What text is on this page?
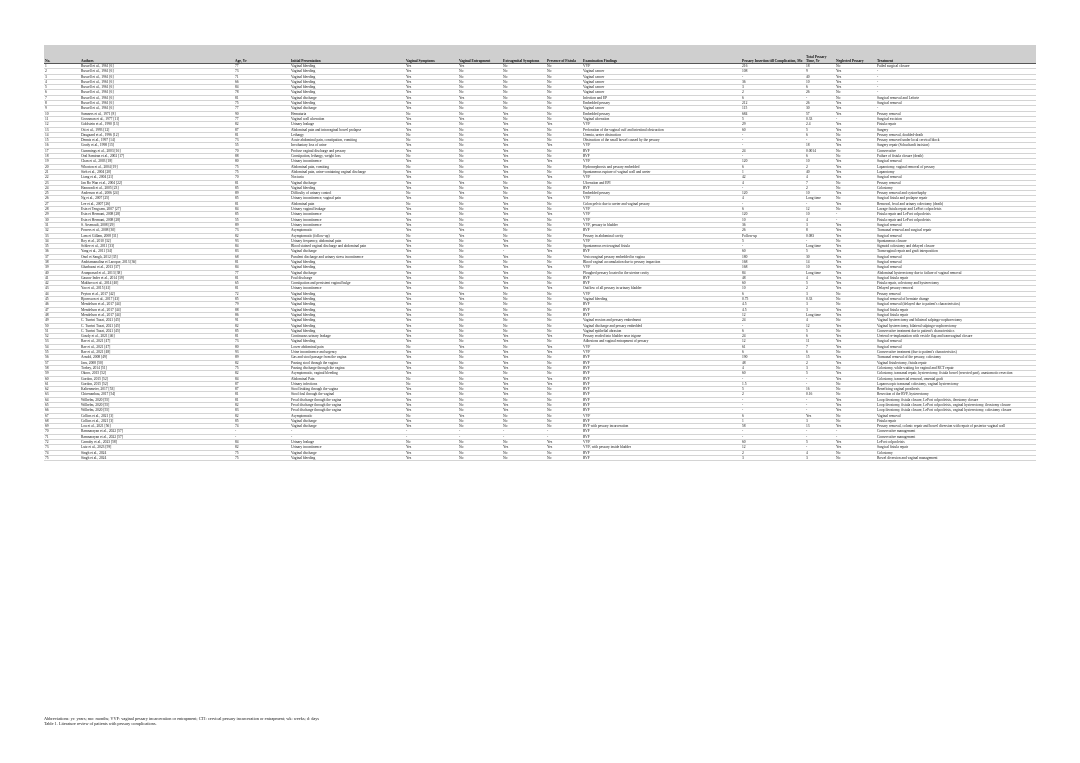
No.	Authors	Age, Yr	Initial Presentation	Vaginal Symptoms	Vaginal Entrapment	Extragenital Symptoms	Presence of Fistula	Examination Findings	Pessary Insertion till Complication, Mo	Total Pessary Time, Yr	Neglected Pessary	Treatment
1	Russell et al., 1961 [6]	77	Vaginal bleeding	Yes	Yes	No	No	VVF	216	18	No	Failed surgical closure
2	Russell et al., 1961 [6]	73	Vaginal bleeding	Yes	No	No	No	Vaginal cancer	108	9	Yes	-
3	Russell et al., 1961 [6]	71	Vaginal bleeding	Yes	No	No	No	Vaginal cancer	-	40	Yes	-
4	Russell et al., 1961 [6]	66	Vaginal bleeding	Yes	No	No	No	Vaginal cancer	36	10	Yes	-
5	Russell et al., 1961 [6]	84	Vaginal bleeding	Yes	No	No	No	Vaginal cancer	3	6	Yes	-
6	Russell et al., 1961 [6]	78	Vaginal bleeding	Yes	No	No	No	Vaginal cancer	2	26	No	-
7	Russell et al., 1961 [6]	81	Vaginal discharge	Yes	Yes	No	No	Infection and EP	6	-	No	Surgical removal and Leforte
8	Russell et al., 1961 [6]	75	Vaginal bleeding	Yes	No	No	No	Embedded pessary	212	26	Yes	Surgical removal
9	Russell et al., 1961 [6]	77	Vaginal discharge	Yes	No	No	No	Vaginal cancer	115	30	Yes	-
10	Sumners et al., 1971 [8]	90	Hematuria	No	No	Yes	No	Embedded pessary	684	57	Yes	Pessary removal
11	Grossman et al., 1977 [11]	77	Vaginal wall ulceration	Yes	Yes	No	No	Vaginal ulceration	5	0.33	-	Surgical excision
12	Goldstein et al., 1990 [13]	82	Urinary leakage	Yes	No	Yes	Yes	VVF	29	2.4	Yes	Fistula repair
13	Ott et al., 1993 [12]	87	Abdominal pain and intravaginal bowel prolapse	Yes	No	Yes	No	Perforation of the vaginal cuff and intestinal obstruction	60	5	Yes	Surgery
14	Daugaard et al., 1996 [12]	81	Lethargy	No	No	Yes	No	Uremia, ureter obstruction	-	6	No	Pessary removal, doubled-death
15	Dennis et al., 1997 [14]	73	Acute abdominal pain, constipation, vomiting	No	No	Yes	No	Obstruction of the small bowel caused by the pessary	-	-	Yes	Pessary removed under local cervical block
16	Grody et al., 1998 [15]	55	Involuntary loss of urine	Yes	No	Yes	Yes	VVF	-	18	Yes	Surgery repair (Schuchardt incision)
17	Cummings et al., 2003 [16]	70	Profuse vaginal discharge and pessary	Yes	No	Yes	No	RVF	24	0.0014	No	Conservative
18	Oral Samiran et al., 2002 [17]	88	Constipation, lethargy, weight loss	No	No	Yes	No	RVF	-	6	No	Failure of fistula closure (death)
19	Chan et al., 2003 [18]	80	Urinary incontinence	Yes	No	Yes	Yes	VVF	120	10	Yes	Surgical removal
20	Whorton et al., 2004 [19]	75	Abdominal pain, vomiting	No	No	Yes	No	Hydronephrosis and pessary embedded	6	2	Yes	Laparotomy, vaginal removal of pessary
21	Sieh et al., 2004 [20]	75	Abdominal pain, urine-containing vaginal discharge	Yes	No	Yes	No	Spontaneous rupture of vaginal wall and ureter	1	40	Yes	Laparotomy
22	Liang et al., 2004 [21]	70	Nocturia	Yes	No	Yes	Yes	VVF	42	4	Yes	Surgical removal
23	Jan Bo Wan et al., 2004 [22]	81	Vaginal discharge	Yes	Yes	No	No	Ulceration and EPI	4	7	No	Pessary removal
24	Hanavadi et al., 2005 [23]	85	Vaginal bleeding	Yes	No	Yes	No	RVF	-	2	No	Colostomy
25	Anderson et al., 2006 [24]	89	Difficulty of urinary control	No	Yes	No	No	Embedded pessary	120	10	Yes	Pessary removal and cystorrhaphy
26	Ng et al., 2007 [25]	85	Urinary incontinence, vaginal pain	Yes	No	Yes	Yes	VVF	4	Long time	No	Surgical fistula and prolapse repair
27	Lee et al., 2007 [26]	81	Abdominal pain	No	No	Yes	No	Colon pelvic due to ureter and vaginal pessary	-	-	Yes	Removal, fecal and urinary colectomy (death)
28	Esin et Tengcam, 2007 [27]	84	Urinary vaginal leakage	Yes	No	Yes	No	VVF	6	12	No	Lavage fistula repair and LeFort colpocleisis
29	Esin et Hermani, 2008 [28]	85	Urinary incontinence	Yes	No	Yes	Yes	VVF	120	10	-	Fistula repair and LeFort colpocleisis
30	Esin et Hermani, 2008 [28]	55	Urinary incontinence	Yes	No	Yes	No	VVF	10	4	-	Fistula repair and LeFort colpocleisis
31	S. Arsenault, 2008 [29]	89	Urinary incontinence	Yes	No	Yes	No	VVF, pessary in bladder	36	3	Yes	Surgical removal
32	Powers et al., 2008 [30]	73	Asymptomatic	Yes	Yes	No	No	RVF	26	8	Yes	Transanal removal and surgical repair
33	Lam et Gillam, 2008 [31]	82	Asymptomatic (follow-up)	No	Yes	No	No	Pessary in abdominal cavity	Follow-up	0.083	Yes	Surgical removal
34	Roy et al., 2010 [32]	93	Urinary frequency, abdominal pain	Yes	No	Yes	No	VVF	5	-	No	Spontaneous closure
35	Schlee et al., 2011 [33]	84	Blood stained vaginal discharge and abdominal pain	Yes	No	Yes	No	Spontaneous rectovaginal fistula	-	Long time	Yes	Sigmoid colostomy and delayed closure
36	Yang et al., 2011 [34]	83	Vaginal discharge	Yes	No	-	Yes	RVF	60	5	Yes	Transvaginal repair and graft interposition
37	Onol et Sanglı, 2012 [35]	68	Purulent discharge and urinary stress incontinence	Yes	No	Yes	No	Vesicovaginal pessary embedded in vagina	180	30	Yes	Surgical removal
38	Andriamanalina et Laroque, 2013 [36]	81	Vaginal bleeding	Yes	No	No	No	Blood vaginal accumulation due to pessary impaction	168	14	Yes	Surgical removal
39	Gharbaoui et al., 2013 [37]	84	Vaginal bleeding	Yes	No	Yes	Yes	VVF	168	10	Yes	Surgical removal
40	Arunprasad et al., 2013 [38]	77	Vaginal discharge	Yes	No	Yes	No	Ploughed pessary located in the uterine cavity	84	Long time	Yes	Abdominal hysterectomy due to failure of vaginal removal
41	Gaurav Inder et al., 2014 [39]	81	Foul discharge	Yes	No	Yes	No	RVF	48	4	Yes	Surgical fistula repair
42	Makhova et al., 2014 [40]	65	Constipation and persistent vaginal bulge	Yes	No	Yes	No	RVF	60	5	Yes	Fistula repair, colectomy and hysterectomy
43	Yao et al., 2015 [41]	81	Urinary incontinence	Yes	No	Yes	Yes	Outflow of all pessary in urinary bladder	10	2	Yes	Delayed pessary removal
44	Peyton et al., 2017 [42]	72	Vaginal bleeding	Yes	Yes	No	No	VVF	6	3	No	Pessary removal
45	Bjornsson et al., 2017 [43]	85	Vaginal bleeding	Yes	Yes	No	No	Vaginal bleeding	0.75	0.33	No	Surgical removal of herniate change
46	Mendelson et al., 2017 [44]	79	Vaginal bleeding	Yes	No	No	No	RVF	4.5	3	No	Surgical removal (delayed due to patient's characteristics)
47	Mendelson et al., 2017 [44]	88	Vaginal bleeding	Yes	No	No	No	RVF	4.5	3	Yes	Surgical fistula repair
48	Mendelson et al., 2017 [44]	86	Vaginal bleeding	Yes	No	Yes	No	RVF	12	Long time	Yes	Surgical fistula repair
49	C. Turrini Tuzzi, 2021 [45]	91	Vaginal bleeding	Yes	No	No	No	Vaginal erosion and pessary embedment	24	4	No	Vaginal hysterectomy and bilateral salpingo-oophorectomy
50	C. Turrini Tuzzi, 2021 [45]	82	Vaginal bleeding	Yes	No	No	No	Vaginal discharge and pessary embedded	-	12	Yes	Vaginal hysterectomy, bilateral salpingo-oophorectomy
51	C. Turrini Tuzzi, 2021 [45]	85	Vaginal bleeding	Yes	No	No	No	Vaginal epithelial abrasion	6	5	No	Conservative treatment due to patient's characteristics
52	Goudy et al., 2021 [46]	81	Continuous urinary leakage	Yes	No	Yes	Yes	Pessary eroded into bladder near trigone	24	6	Yes	Ureteral re-implantation with vesicle flap and transvaginal closure
53	Rae et al., 2021 [47]	73	Vaginal bleeding	Yes	No	Yes	No	Adhesions and vaginal entrapment of pessary	12	11	Yes	Surgical removal
54	Rae et al., 2021 [47]	80	Lower abdominal pain	No	Yes	No	Yes	VVF	61	7	Yes	Surgical removal
55	Rae et al., 2021 [48]	93	Urine incontinence and urgency	Yes	No	Yes	Yes	VVF	6	6	No	Conservative treatment (due to patient's characteristics)
56	Arnold, 2008 [49]	89	Gas and stool passage from the vagina	Yes	No	Yes	No	RVF	190	15	Yes	Transanal removal of the pessary, colostomy
57	Jaru, 2008 [50]	82	Passing stool through the vagina	Yes	No	Yes	No	RVF	48	2	Yes	Vaginal fistulectomy, fistula repair
58	Torbey, 2014 [51]	75	Passing discharge through the vagina	Yes	No	Yes	No	RVF	4	3	No	Colostomy, while waiting for vaginal and RCT repair
59	Okoro, 2015 [52]	82	Asymptomatic, vaginal bleeding	Yes	No	No	No	RVF	60	5	Yes	Colostomy, transanal repair, hysterectomy, fistula bowel (resected part), anastomotic resection
60	Gordon, 2015 [52]	84	Abdominal Pain	No	No	Yes	Yes	RVF	-	-	Yes	Colostomy, transrectal removal, omental graft
61	Gordon, 2015 [52]	87	Urinary infections	No	No	Yes	Yes	RVF	1.5	-	No	Laparoscopic transanal colostomy, vaginal hysterectomy
62	Kaltenmeier, 2017 [53]	87	Stool leaking through the vagina	Yes	No	Yes	No	RVF	5	16	No	Beneficing vaginal prosthesis
63	Chirenanbau, 2017 [54]	81	Stool foul through the vaginal	Yes	No	Yes	No	RVF	2	0.16	No	Resection of the RVF, hysterectomy
64	Wilhelm, 2020 [55]	81	Fecal discharge through the vagina	Yes	No	No	No	RVF	-	-	Yes	Loop ileostomy, fistula closure, LeFort colpocleisis, ileostomy closure
65	Wilhelm, 2020 [55]	82	Fecal discharge through the vagina	Yes	No	Yes	No	RVF	-	-	Yes	Loop ileostomy, fistula closure, LeFort colpocleisis, vaginal hysterectomy, ileostomy closure
66	Wilhelm, 2020 [55]	83	Fecal discharge through the vagina	Yes	No	Yes	No	RVF	-	-	Yes	Loop ileostomy, fistula closure, LeFort colpocleisis, vaginal hysterectomy, colostomy closure
67	Collins et al., 2021 [3]	82	Asymptomatic	No	Yes	No	No	VVF	6	Yes	No	Vaginal removal
68	Collins et al., 2021 [3]	85	Vaginal discharge	Yes	No	No	No	RVF	1	3	No	Fistula repair
69	Lou et al., 2021 [56]	74	Vaginal discharge	Yes	No	No	No	RVF with pessary incarceration	58	13	Yes	Pessary removal, colonic repair and bowel diversion with repair of posterior vaginal wall
70	Ramnarayan et al., 2022 [57]	-	-	-	-	-	-	RVF	-	-	-	Conservative management
71	Ramnarayan et al., 2022 [57]	-	-	-	-	-	-	RVF	-	-	-	Conservative management
72	Carnaby et al., 2023 [58]	84	Urinary leakage	No	No	No	Yes	VVF	60	5	Yes	LeFort colpocleisis
73	Lutz et al., 2023 [59]	82	Urinary incontinence	Yes	No	Yes	Yes	VVF, with pessary inside bladder	12	-	Yes	Surgical fistula repair
74	Singh et al., 2024	75	Vaginal discharge	Yes	No	No	No	RVF	2	4	No	Colostomy
75	Singh et al., 2024	75	Vaginal bleeding	Yes	No	No	No	RVF	3	3	No	Bowel diversion and vaginal management
Abbreviations: yr: years; mo: months; VVF: vaginal pessary incarceration or entrapment; CTI: cervical pessary incarceration or entrapment; wk: weeks; d: days
Table 1. Literature review of patients with pessary complications.
